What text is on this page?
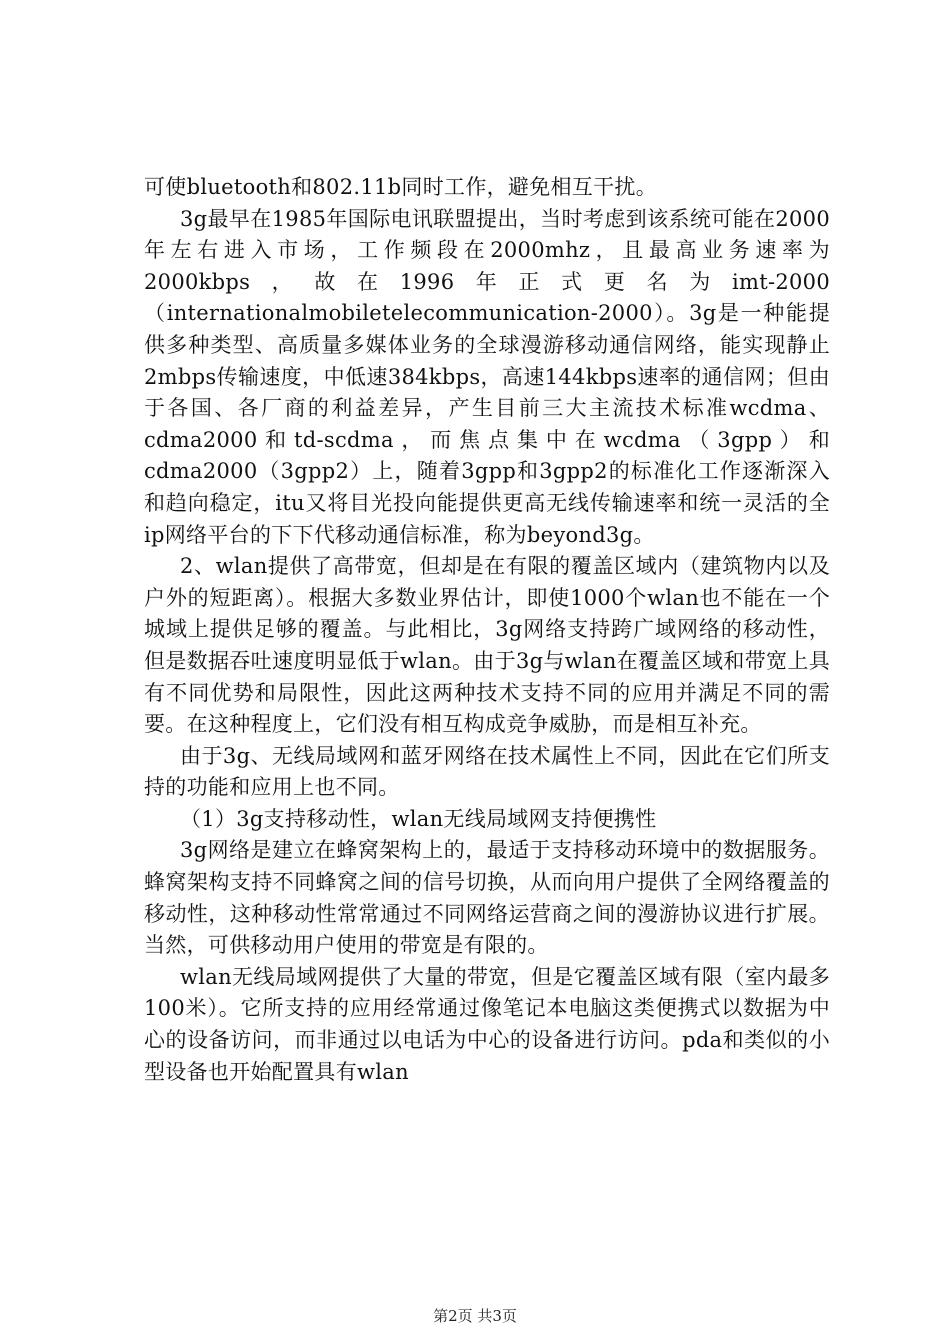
可使bluetooth和802.11b同时工作，避免相互干扰。

3g最早在1985年国际电讯联盟提出，当时考虑到该系统可能在2000年左右进入市场，工作频段在2000mhz，且最高业务速率为2000kbps，故在1996年正式更名为imt-2000（internationalmobiletelecommunication-2000）。3g是一种能提供多种类型、高质量多媒体业务的全球漫游移动通信网络，能实现静止2mbps传输速度，中低速384kbps，高速144kbps速率的通信网；但由于各国、各厂商的利益差异，产生目前三大主流技术标准wcdma、cdma2000和td-scdma，而焦点集中在wcdma（3gpp）和cdma2000（3gpp2）上，随着3gpp和3gpp2的标准化工作逐渐深入和趋向稳定，itu又将目光投向能提供更高无线传输速率和统一灵活的全ip网络平台的下下代移动通信标准，称为beyond3g。

2、wlan提供了高带宽，但却是在有限的覆盖区域内（建筑物内以及户外的短距离）。根据大多数业界估计，即使1000个wlan也不能在一个城域上提供足够的覆盖。与此相比，3g网络支持跨广域网络的移动性，但是数据吞吐速度明显低于wlan。由于3g与wlan在覆盖区域和带宽上具有不同优势和局限性，因此这两种技术支持不同的应用并满足不同的需要。在这种程度上，它们没有相互构成竞争威胁，而是相互补充。

由于3g、无线局域网和蓝牙网络在技术属性上不同，因此在它们所支持的功能和应用上也不同。

（1）3g支持移动性，wlan无线局域网支持便携性

3g网络是建立在蜂窝架构上的，最适于支持移动环境中的数据服务。蜂窝架构支持不同蜂窝之间的信号切换，从而向用户提供了全网络覆盖的移动性，这种移动性常常通过不同网络运营商之间的漫游协议进行扩展。当然，可供移动用户使用的带宽是有限的。

wlan无线局域网提供了大量的带宽，但是它覆盖区域有限（室内最多100米）。它所支持的应用经常通过像笔记本电脑这类便携式以数据为中心的设备访问，而非通过以电话为中心的设备进行访问。pda和类似的小型设备也开始配置具有wlan

第2页 共3页
